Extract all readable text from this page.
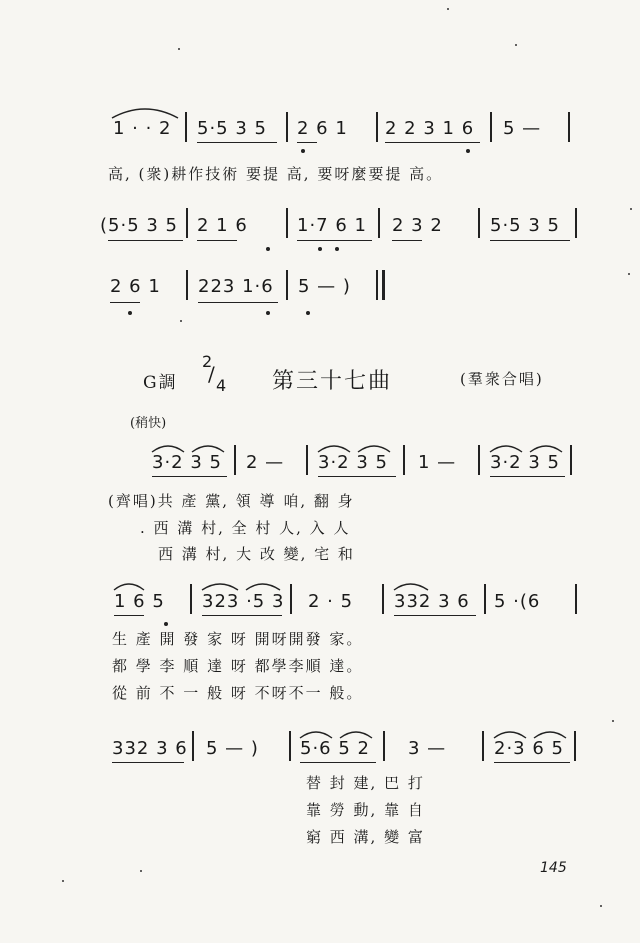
1 · · 2 5·5 3 5 2 6 1 2 2 3 1 6 5 —
高, (衆)耕作技術 要提 高, 要呀麼要提 高。
(5·5 3 5 2 1 6	1·7 6 1 2 3 2	5·5 3 5
2 6 1 223 1·6 5 — )
G調
2
/ 4 第三十七曲	(羣衆合唱)
(稍快)
3·2 3 5 2 — 3·2 3 5 1 — 3·2 3 5
(齊唱)共 產 黨, 領 導 咱, 翻 身
. 西 溝 村, 全 村 人, 入 人
西 溝 村, 大 改 變, 宅 和
1 6 5 323 ·5 3 2 · 5 332 3 6 5 ·(6
生 產 開 發 家 呀 開呀開發 家。
都 學 李 順 達 呀 都學李順 達。
從 前 不 一 般 呀 不呀不一 般。
332 3 6 5 — ) 5·6 5 2 3 —	2·3 6 5
替 封 建, 巴 打
靠 勞 動, 靠 自
窮 西 溝, 變 富
145
